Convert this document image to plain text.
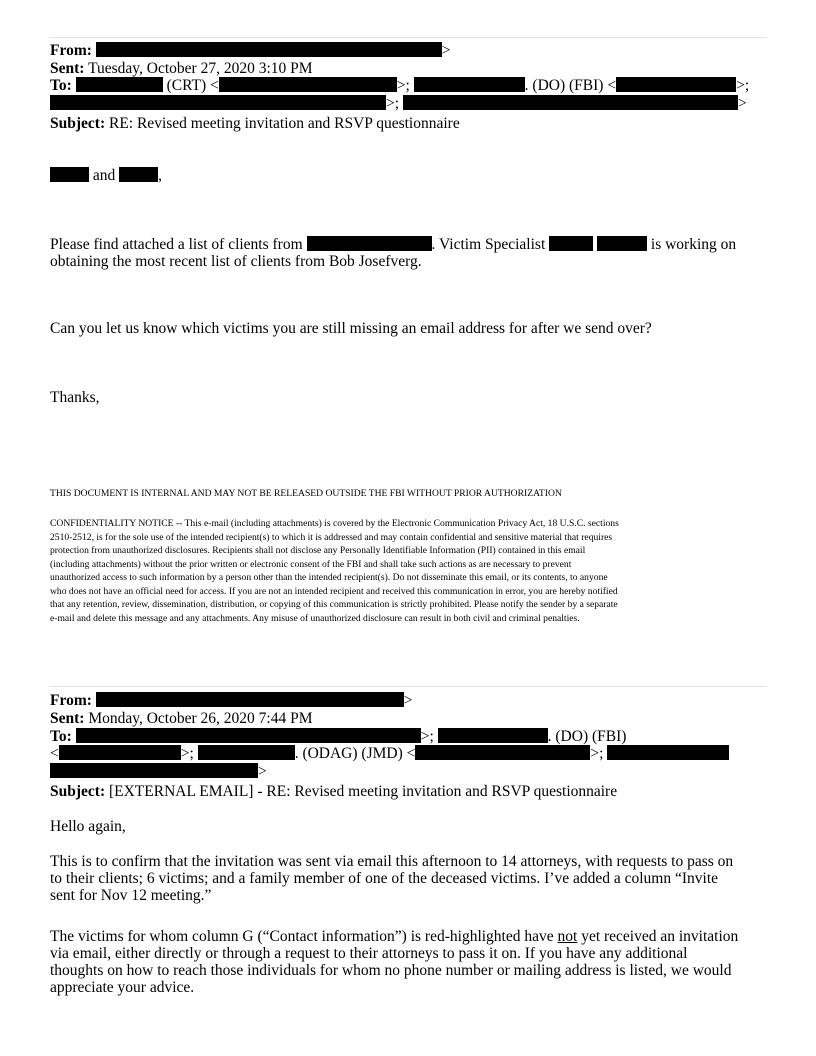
From:	>
Sent: Tuesday, October 27, 2020 3:10 PM
To:	(CRT) <	>;	. (DO) (FBI) <	>;
>;	>
Subject: RE: Revised meeting invitation and RSVP questionnaire
and	,
Please find attached a list of clients from	. Victim Specialist	is working on
obtaining the most recent list of clients from Bob Josefverg.
Can you let us know which victims you are still missing an email address for after we send over?
Thanks,
THIS DOCUMENT IS INTERNAL AND MAY NOT BE RELEASED OUTSIDE THE FBI WITHOUT PRIOR AUTHORIZATION
CONFIDENTIALITY NOTICE -- This e-mail (including attachments) is covered by the Electronic Communication Privacy Act, 18 U.S.C. sections
2510-2512, is for the sole use of the intended recipient(s) to which it is addressed and may contain confidential and sensitive material that requires
protection from unauthorized disclosures. Recipients shall not disclose any Personally Identifiable Information (PII) contained in this email
(including attachments) without the prior written or electronic consent of the FBI and shall take such actions as are necessary to prevent
unauthorized access to such information by a person other than the intended recipient(s). Do not disseminate this email, or its contents, to anyone
who does not have an official need for access. If you are not an intended recipient and received this communication in error, you are hereby notified
that any retention, review, dissemination, distribution, or copying of this communication is strictly prohibited. Please notify the sender by a separate
e-mail and delete this message and any attachments. Any misuse of unauthorized disclosure can result in both civil and criminal penalties.
From:	>
Sent: Monday, October 26, 2020 7:44 PM
To:	>;	. (DO) (FBI)
<	>;	. (ODAG) (JMD) <	>;
>
Subject: [EXTERNAL EMAIL] - RE: Revised meeting invitation and RSVP questionnaire
Hello again,
This is to confirm that the invitation was sent via email this afternoon to 14 attorneys, with requests to pass on
to their clients; 6 victims; and a family member of one of the deceased victims. I’ve added a column “Invite
sent for Nov 12 meeting.”
The victims for whom column G (“Contact information”) is red-highlighted have not yet received an invitation
via email, either directly or through a request to their attorneys to pass it on. If you have any additional
thoughts on how to reach those individuals for whom no phone number or mailing address is listed, we would
appreciate your advice.
